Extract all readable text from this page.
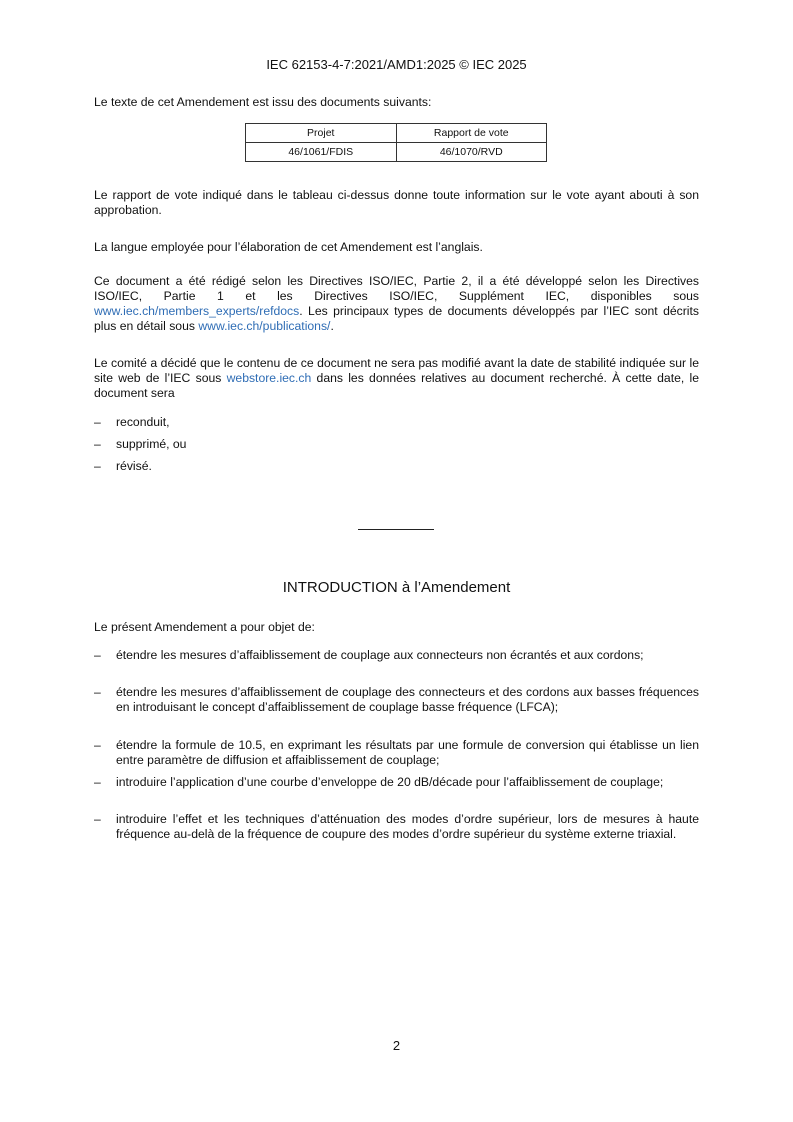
IEC 62153-4-7:2021/AMD1:2025 © IEC 2025
Le texte de cet Amendement est issu des documents suivants:
Projet	Rapport de vote
46/1061/FDIS	46/1070/RVD
Le rapport de vote indiqué dans le tableau ci-dessus donne toute information sur le vote ayant abouti à son approbation.
La langue employée pour l’élaboration de cet Amendement est l’anglais.
Ce document a été rédigé selon les Directives ISO/IEC, Partie 2, il a été développé selon les Directives ISO/IEC, Partie 1 et les Directives ISO/IEC, Supplément IEC, disponibles sous www.iec.ch/members_experts/refdocs. Les principaux types de documents développés par l’IEC sont décrits plus en détail sous www.iec.ch/publications/.
Le comité a décidé que le contenu de ce document ne sera pas modifié avant la date de stabilité indiquée sur le site web de l’IEC sous webstore.iec.ch dans les données relatives au document recherché. À cette date, le document sera
– reconduit,
– supprimé, ou
– révisé.
INTRODUCTION à l’Amendement
Le présent Amendement a pour objet de:
– étendre les mesures d’affaiblissement de couplage aux connecteurs non écrantés et aux cordons;
– étendre les mesures d’affaiblissement de couplage des connecteurs et des cordons aux basses fréquences en introduisant le concept d’affaiblissement de couplage basse fréquence (LFCA);
– étendre la formule de 10.5, en exprimant les résultats par une formule de conversion qui établisse un lien entre paramètre de diffusion et affaiblissement de couplage;
– introduire l’application d’une courbe d’enveloppe de 20 dB/décade pour l’affaiblissement de couplage;
– introduire l’effet et les techniques d’atténuation des modes d’ordre supérieur, lors de mesures à haute fréquence au-delà de la fréquence de coupure des modes d’ordre supérieur du système externe triaxial.
2
